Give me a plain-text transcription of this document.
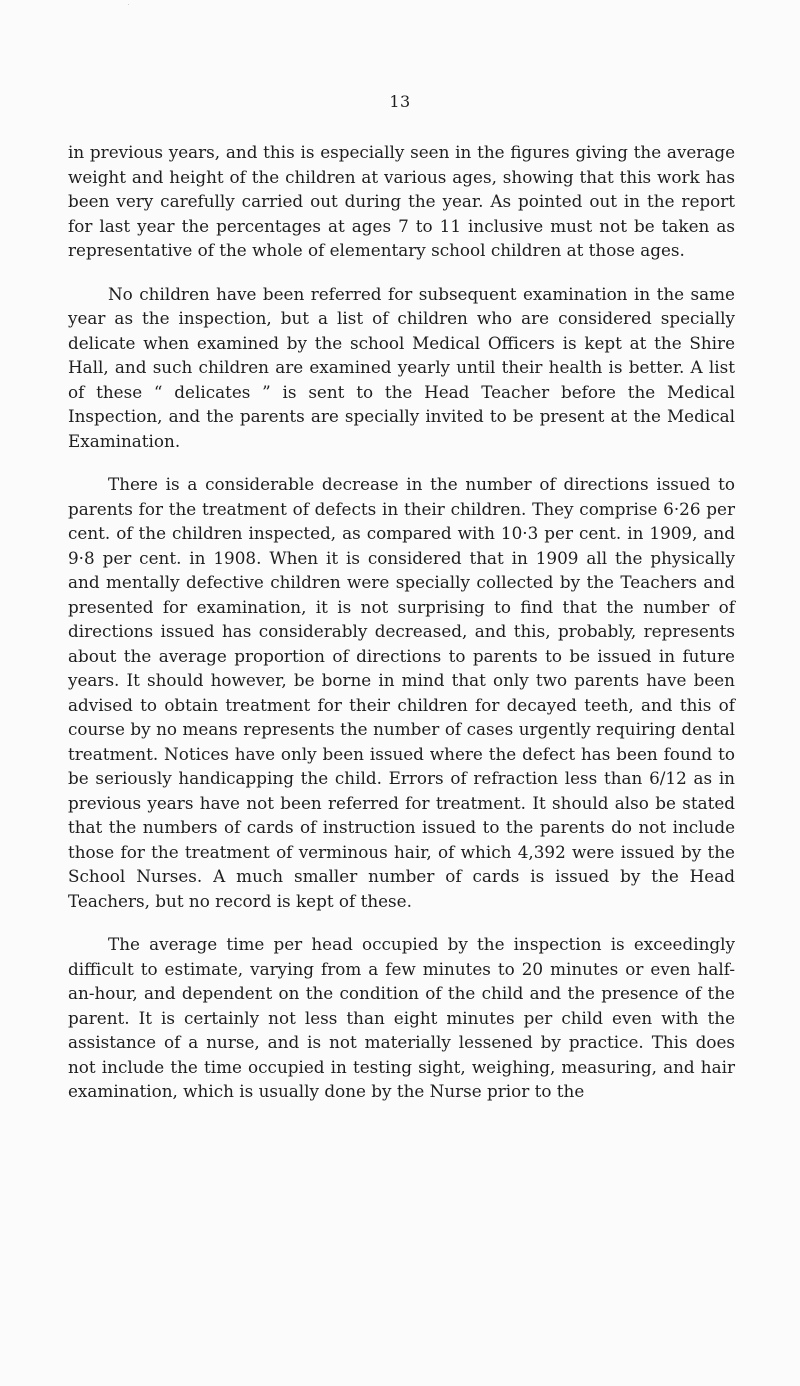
13

in previous years, and this is especially seen in the figures giving the average weight and height of the children at various ages, showing that this work has been very carefully carried out during the year. As pointed out in the report for last year the percentages at ages 7 to 11 inclusive must not be taken as representative of the whole of elementary school children at those ages.

No children have been referred for subsequent examination in the same year as the inspection, but a list of children who are considered specially delicate when examined by the school Medical Officers is kept at the Shire Hall, and such children are examined yearly until their health is better. A list of these “ delicates ” is sent to the Head Teacher before the Medical Inspection, and the parents are specially invited to be present at the Medical Examination.

There is a considerable decrease in the number of directions issued to parents for the treatment of defects in their children. They comprise 6·26 per cent. of the children inspected, as compared with 10·3 per cent. in 1909, and 9·8 per cent. in 1908. When it is considered that in 1909 all the physically and mentally defective children were specially collected by the Teachers and presented for examination, it is not surprising to find that the number of directions issued has considerably decreased, and this, probably, represents about the average proportion of directions to parents to be issued in future years. It should however, be borne in mind that only two parents have been advised to obtain treatment for their children for decayed teeth, and this of course by no means represents the number of cases urgently requiring dental treatment. Notices have only been issued where the defect has been found to be seriously handicapping the child. Errors of refraction less than 6/12 as in previous years have not been referred for treatment. It should also be stated that the numbers of cards of instruction issued to the parents do not include those for the treatment of verminous hair, of which 4,392 were issued by the School Nurses. A much smaller number of cards is issued by the Head Teachers, but no record is kept of these.

The average time per head occupied by the inspection is exceedingly difficult to estimate, varying from a few minutes to 20 minutes or even half-an-hour, and dependent on the condition of the child and the presence of the parent. It is certainly not less than eight minutes per child even with the assistance of a nurse, and is not materially lessened by practice. This does not include the time occupied in testing sight, weighing, measuring, and hair examination, which is usually done by the Nurse prior to the
